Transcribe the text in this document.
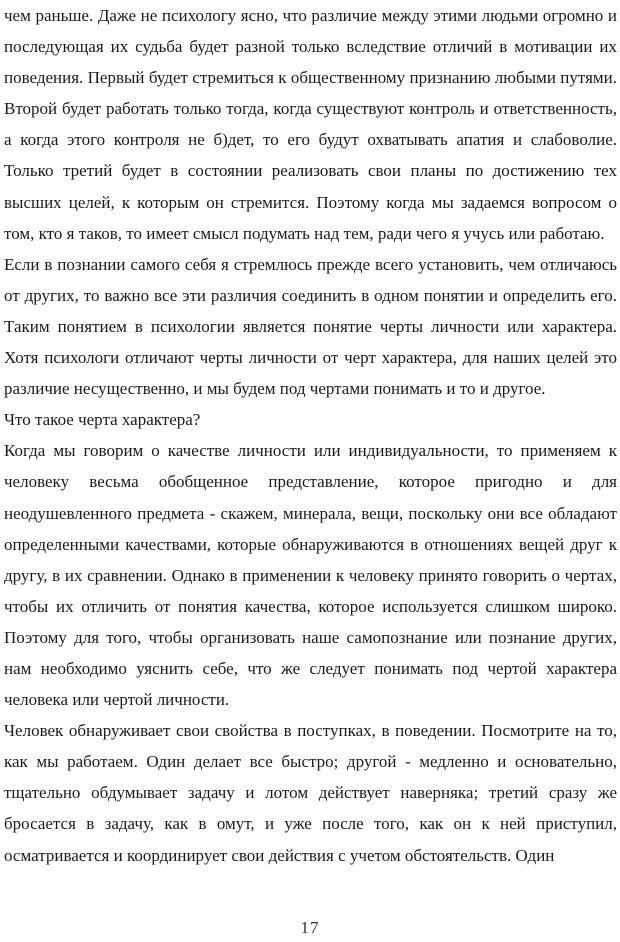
чем раньше. Даже не психологу ясно, что различие между этими людьми огромно и последующая их судьба будет разной только вследствие отличий в мотивации их поведения. Первый будет стремиться к общественному признанию любыми путями. Второй будет работать только тогда, когда существуют контроль и ответственность, а когда этого контроля не б)дет, то его будут охватывать апатия и слабоволие. Только третий будет в состоянии реализовать свои планы по достижению тех высших целей, к которым он стремится. Поэтому когда мы задаемся вопросом о том, кто я таков, то имеет смысл подумать над тем, ради чего я учусь или работаю.

Если в познании самого себя я стремлюсь прежде всего установить, чем отличаюсь от других, то важно все эти различия соединить в одном понятии и определить его. Таким понятием в психологии является понятие черты личности или характера. Хотя психологи отличают черты личности от черт характера, для наших целей это различие несущественно, и мы будем под чертами понимать и то и другое.

Что такое черта характера?

Когда мы говорим о качестве личности или индивидуальности, то применяем к человеку весьма обобщенное представление, которое пригодно и для неодушевленного предмета - скажем, минерала, вещи, поскольку они все обладают определенными качествами, которые обнаруживаются в отношениях вещей друг к другу, в их сравнении. Однако в применении к человеку принято говорить о чертах, чтобы их отличить от понятия качества, которое используется слишком широко. Поэтому для того, чтобы организовать наше самопознание или познание других, нам необходимо уяснить себе, что же следует понимать под чертой характера человека или чертой личности.

Человек обнаруживает свои свойства в поступках, в поведении. Посмотрите на то, как мы работаем. Один делает все быстро; другой - медленно и основательно, тщательно обдумывает задачу и лотом действует наверняка; третий сразу же бросается в задачу, как в омут, и уже после того, как он к ней приступил, осматривается и координирует свои действия с учетом обстоятельств. Один

17
